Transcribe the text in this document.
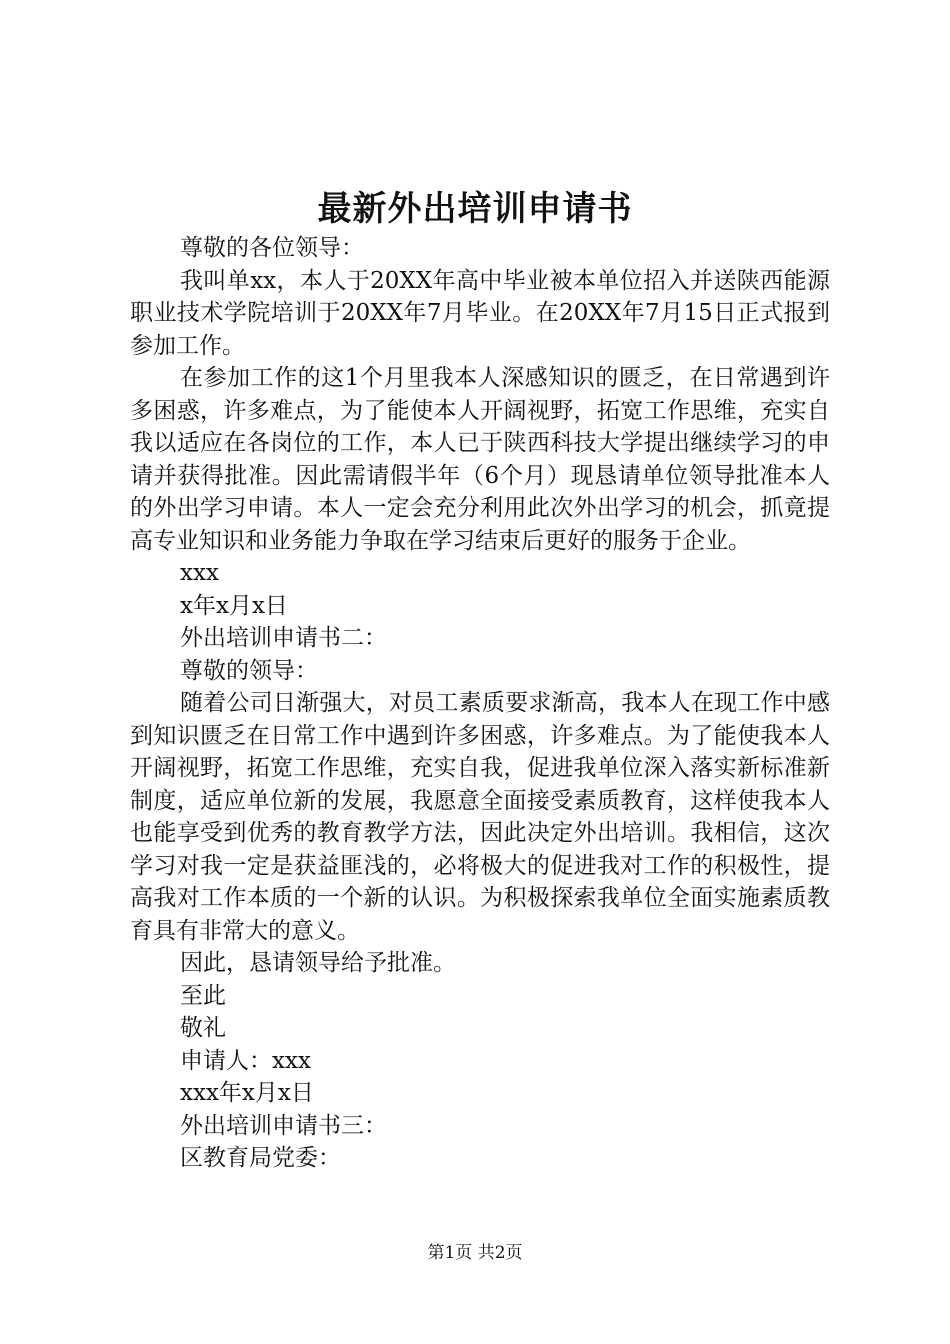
最新外出培训申请书

尊敬的各位领导：

我叫单xx，本人于20XX年高中毕业被本单位招入并送陕西能源职业技术学院培训于20XX年7月毕业。在20XX年7月15日正式报到参加工作。

在参加工作的这1个月里我本人深感知识的匮乏，在日常遇到许多困惑，许多难点，为了能使本人开阔视野，拓宽工作思维，充实自我以适应在各岗位的工作，本人已于陕西科技大学提出继续学习的申请并获得批准。因此需请假半年（6个月）现恳请单位领导批准本人的外出学习申请。本人一定会充分利用此次外出学习的机会，抓竟提高专业知识和业务能力争取在学习结束后更好的服务于企业。

xxx

x年x月x日

外出培训申请书二：

尊敬的领导：

随着公司日渐强大，对员工素质要求渐高，我本人在现工作中感到知识匮乏在日常工作中遇到许多困惑，许多难点。为了能使我本人开阔视野，拓宽工作思维，充实自我，促进我单位深入落实新标准新制度，适应单位新的发展，我愿意全面接受素质教育，这样使我本人也能享受到优秀的教育教学方法，因此决定外出培训。我相信，这次学习对我一定是获益匪浅的，必将极大的促进我对工作的积极性，提高我对工作本质的一个新的认识。为积极探索我单位全面实施素质教育具有非常大的意义。

因此，恳请领导给予批准。

至此

敬礼

申请人：xxx

xxx年x月x日

外出培训申请书三：

区教育局党委：

第1页 共2页
